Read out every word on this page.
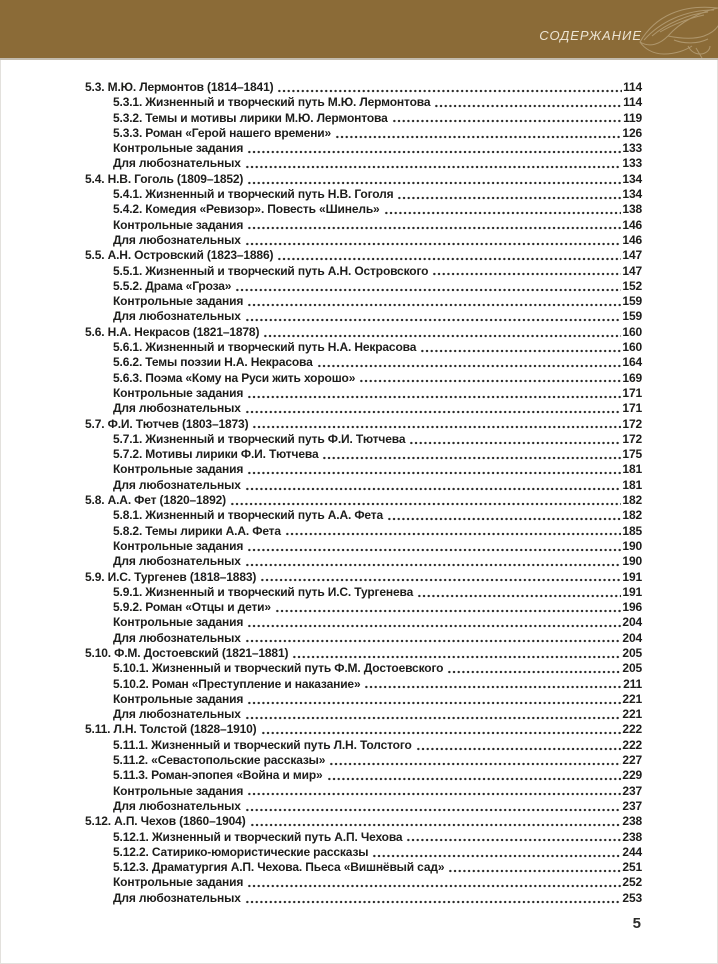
СОДЕРЖАНИЕ
5.3. М.Ю. Лермонтов (1814–1841)	114
5.3.1. Жизненный и творческий путь М.Ю. Лермонтова	114
5.3.2. Темы и мотивы лирики М.Ю. Лермонтова	119
5.3.3. Роман «Герой нашего времени»	126
Контрольные задания	133
Для любознательных	133
5.4. Н.В. Гоголь (1809–1852)	134
5.4.1. Жизненный и творческий путь Н.В. Гоголя	134
5.4.2. Комедия «Ревизор». Повесть «Шинель»	138
Контрольные задания	146
Для любознательных	146
5.5. А.Н. Островский (1823–1886)	147
5.5.1. Жизненный и творческий путь А.Н. Островского	147
5.5.2. Драма «Гроза»	152
Контрольные задания	159
Для любознательных	159
5.6. Н.А. Некрасов (1821–1878)	160
5.6.1. Жизненный и творческий путь Н.А. Некрасова	160
5.6.2. Темы поэзии Н.А. Некрасова	164
5.6.3. Поэма «Кому на Руси жить хорошо»	169
Контрольные задания	171
Для любознательных	171
5.7. Ф.И. Тютчев (1803–1873)	172
5.7.1. Жизненный и творческий путь Ф.И. Тютчева	172
5.7.2. Мотивы лирики Ф.И. Тютчева	175
Контрольные задания	181
Для любознательных	181
5.8. А.А. Фет (1820–1892)	182
5.8.1. Жизненный и творческий путь А.А. Фета	182
5.8.2. Темы лирики А.А. Фета	185
Контрольные задания	190
Для любознательных	190
5.9. И.С. Тургенев (1818–1883)	191
5.9.1. Жизненный и творческий путь И.С. Тургенева	191
5.9.2. Роман «Отцы и дети»	196
Контрольные задания	204
Для любознательных	204
5.10. Ф.М. Достоевский (1821–1881)	205
5.10.1. Жизненный и творческий путь Ф.М. Достоевского	205
5.10.2. Роман «Преступление и наказание»	211
Контрольные задания	221
Для любознательных	221
5.11. Л.Н. Толстой (1828–1910)	222
5.11.1. Жизненный и творческий путь Л.Н. Толстого	222
5.11.2. «Севастопольские рассказы»	227
5.11.3. Роман-эпопея «Война и мир»	229
Контрольные задания	237
Для любознательных	237
5.12. А.П. Чехов (1860–1904)	238
5.12.1. Жизненный и творческий путь А.П. Чехова	238
5.12.2. Сатирико-юмористические рассказы	244
5.12.3. Драматургия А.П. Чехова. Пьеса «Вишнёвый сад»	251
Контрольные задания	252
Для любознательных	253
5
